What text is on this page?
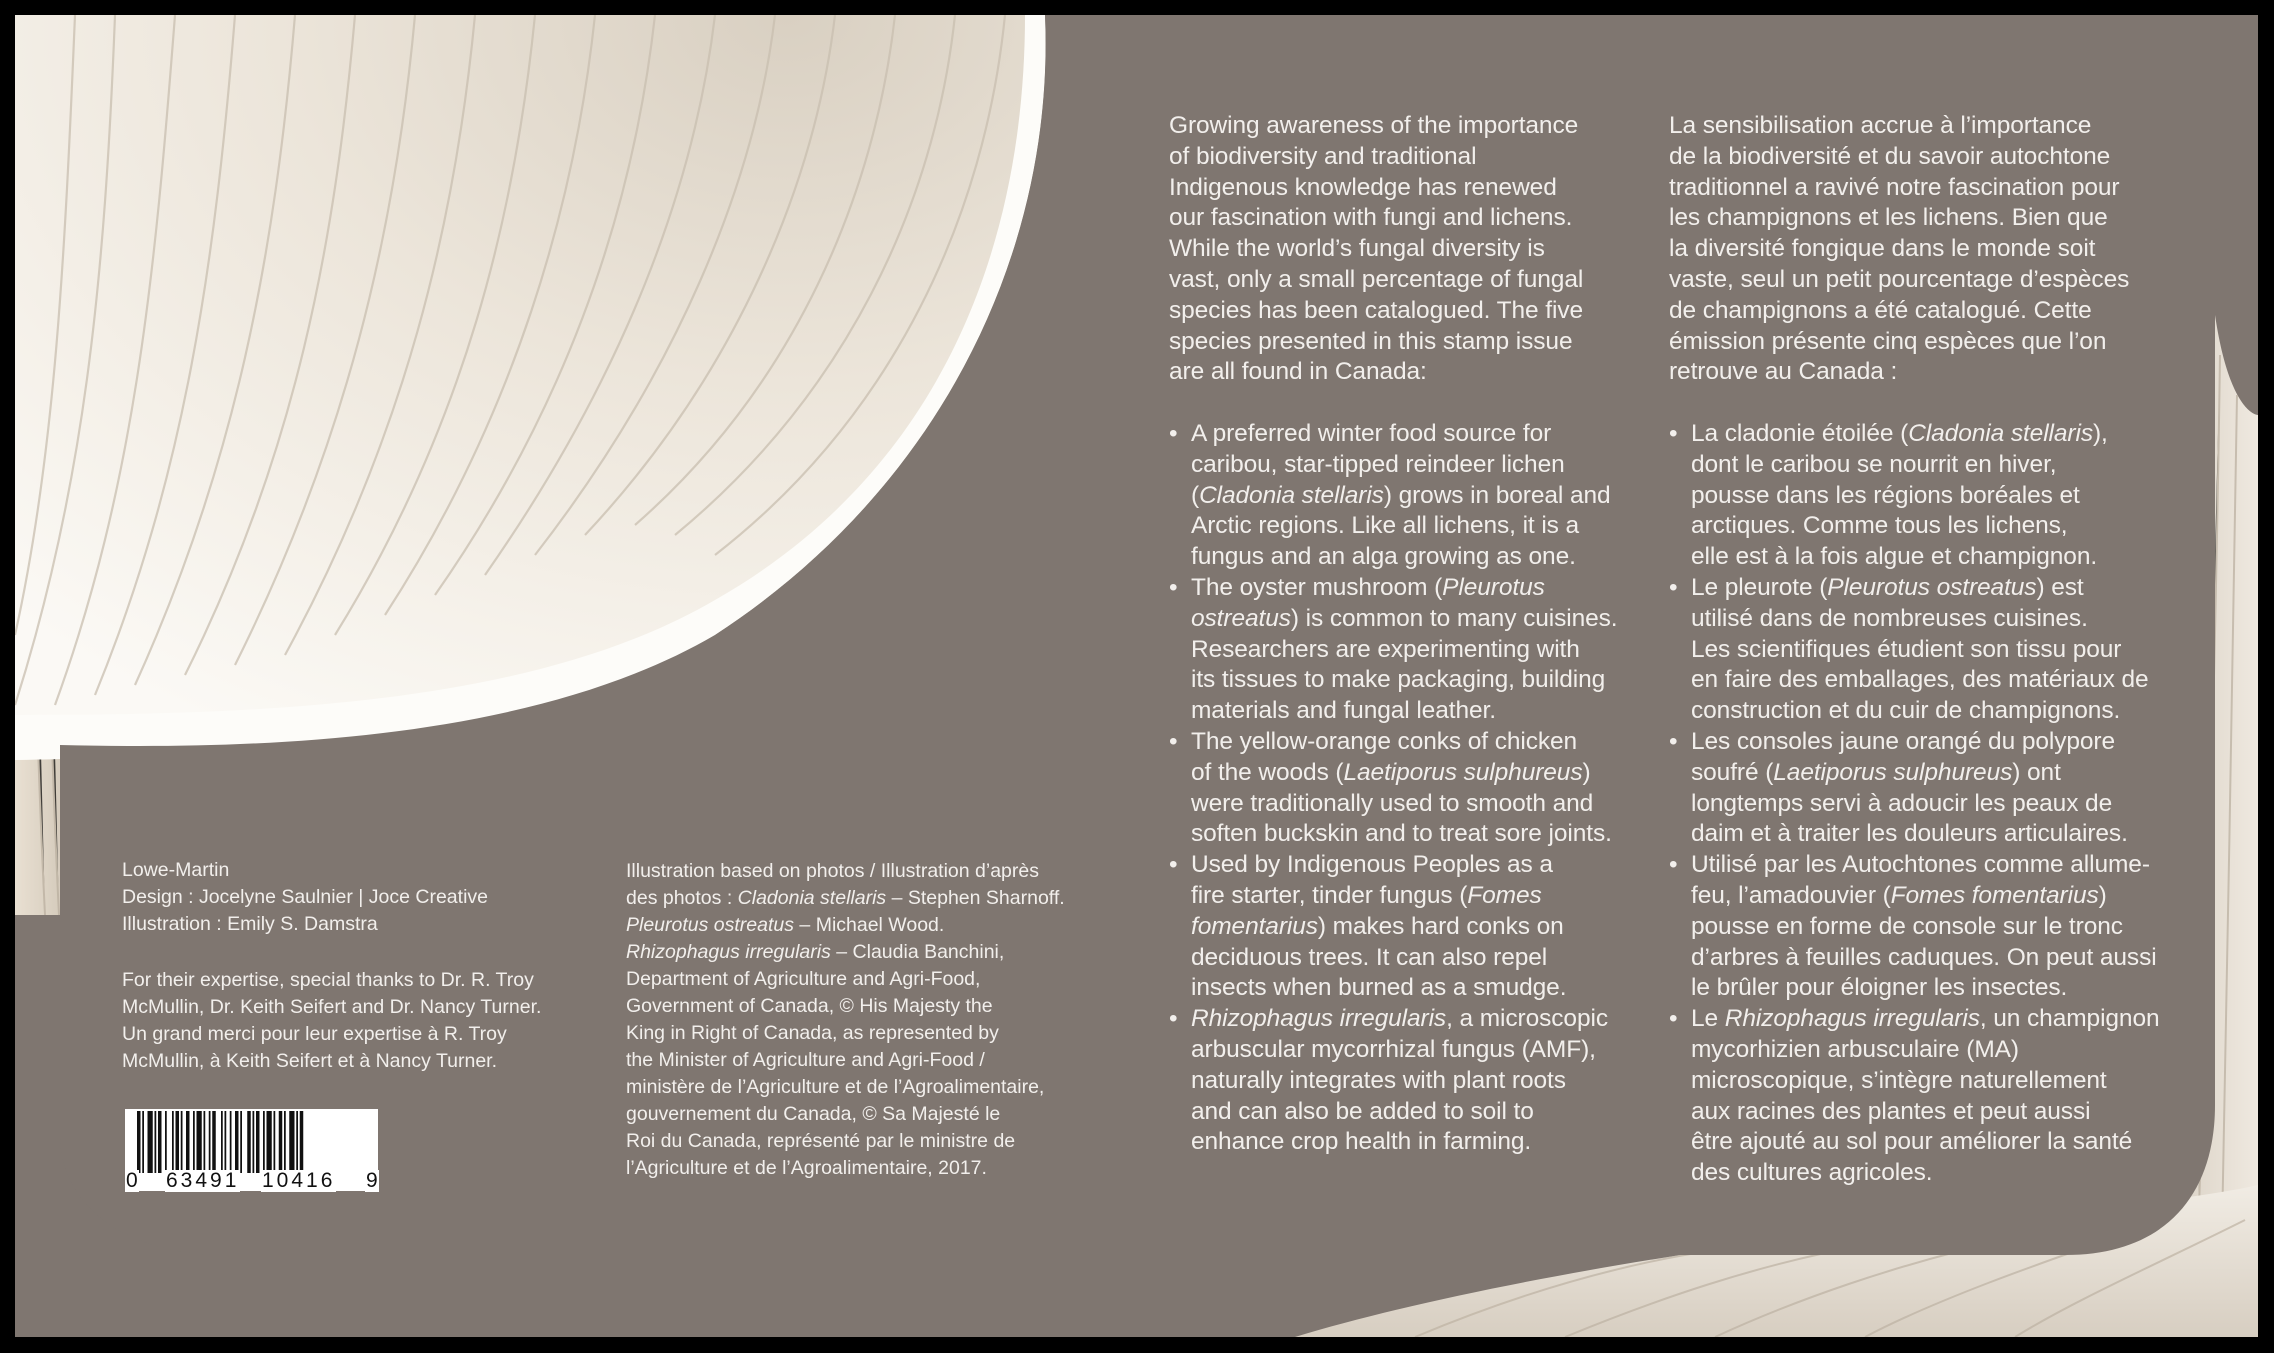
Growing awareness of the importance
of biodiversity and traditional
Indigenous knowledge has renewed
our fascination with fungi and lichens.
While the world’s fungal diversity is
vast, only a small percentage of fungal
species has been catalogued. The five
species presented in this stamp issue
are all found in Canada:

• A preferred winter food source for
caribou, star-tipped reindeer lichen
(Cladonia stellaris) grows in boreal and
Arctic regions. Like all lichens, it is a
fungus and an alga growing as one.
• The oyster mushroom (Pleurotus
ostreatus) is common to many cuisines.
Researchers are experimenting with
its tissues to make packaging, building
materials and fungal leather.
• The yellow-orange conks of chicken
of the woods (Laetiporus sulphureus)
were traditionally used to smooth and
soften buckskin and to treat sore joints.
• Used by Indigenous Peoples as a
fire starter, tinder fungus (Fomes
fomentarius) makes hard conks on
deciduous trees. It can also repel
insects when burned as a smudge.
• Rhizophagus irregularis, a microscopic
arbuscular mycorrhizal fungus (AMF),
naturally integrates with plant roots
and can also be added to soil to
enhance crop health in farming.

La sensibilisation accrue à l’importance
de la biodiversité et du savoir autochtone
traditionnel a ravivé notre fascination pour
les champignons et les lichens. Bien que
la diversité fongique dans le monde soit
vaste, seul un petit pourcentage d’espèces
de champignons a été catalogué. Cette
émission présente cinq espèces que l’on
retrouve au Canada :

• La cladonie étoilée (Cladonia stellaris),
dont le caribou se nourrit en hiver,
pousse dans les régions boréales et
arctiques. Comme tous les lichens,
elle est à la fois algue et champignon.
• Le pleurote (Pleurotus ostreatus) est
utilisé dans de nombreuses cuisines.
Les scientifiques étudient son tissu pour
en faire des emballages, des matériaux de
construction et du cuir de champignons.
• Les consoles jaune orangé du polypore
soufré (Laetiporus sulphureus) ont
longtemps servi à adoucir les peaux de
daim et à traiter les douleurs articulaires.
• Utilisé par les Autochtones comme allume-
feu, l’amadouvier (Fomes fomentarius)
pousse en forme de console sur le tronc
d’arbres à feuilles caduques. On peut aussi
le brûler pour éloigner les insectes.
• Le Rhizophagus irregularis, un champignon
mycorhizien arbusculaire (MA)
microscopique, s’intègre naturellement
aux racines des plantes et peut aussi
être ajouté au sol pour améliorer la santé
des cultures agricoles.
Lowe-Martin
Design : Jocelyne Saulnier | Joce Creative
Illustration : Emily S. Damstra
For their expertise, special thanks to Dr. R. Troy
McMullin, Dr. Keith Seifert and Dr. Nancy Turner.
Un grand merci pour leur expertise à R. Troy
McMullin, à Keith Seifert et à Nancy Turner.
Illustration based on photos / Illustration d’après
des photos : Cladonia stellaris – Stephen Sharnoff.
Pleurotus ostreatus – Michael Wood.
Rhizophagus irregularis – Claudia Banchini,
Department of Agriculture and Agri-Food,
Government of Canada, © His Majesty the
King in Right of Canada, as represented by
the Minister of Agriculture and Agri-Food /
ministère de l’Agriculture et de l’Agroalimentaire,
gouvernement du Canada, © Sa Majesté le
Roi du Canada, représenté par le ministre de
l’Agriculture et de l’Agroalimentaire, 2017.
0 63491 10416 9
